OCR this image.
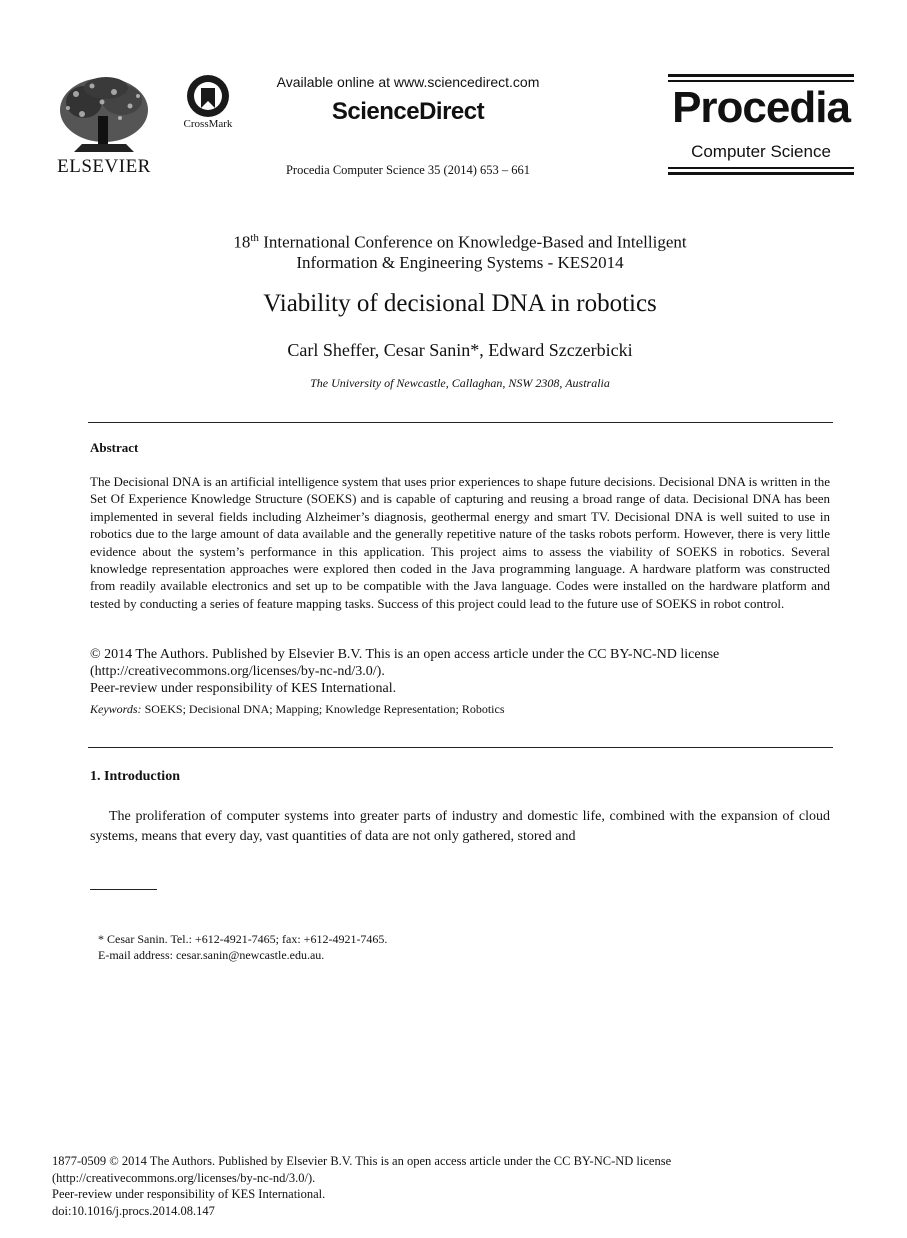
ELSEVIER
CrossMark
Available online at www.sciencedirect.com
ScienceDirect
Procedia Computer Science 35 (2014) 653 – 661
Procedia
Computer Science
18th International Conference on Knowledge-Based and Intelligent
Information & Engineering Systems - KES2014
Viability of decisional DNA in robotics
Carl Sheffer, Cesar Sanin*, Edward Szczerbicki
The University of Newcastle, Callaghan, NSW 2308, Australia
Abstract
The Decisional DNA is an artificial intelligence system that uses prior experiences to shape future decisions. Decisional DNA is written in the Set Of Experience Knowledge Structure (SOEKS) and is capable of capturing and reusing a broad range of data. Decisional DNA has been implemented in several fields including Alzheimer’s diagnosis, geothermal energy and smart TV. Decisional DNA is well suited to use in robotics due to the large amount of data available and the generally repetitive nature of the tasks robots perform. However, there is very little evidence about the system’s performance in this application. This project aims to assess the viability of SOEKS in robotics. Several knowledge representation approaches were explored then coded in the Java programming language. A hardware platform was constructed from readily available electronics and set up to be compatible with the Java language. Codes were installed on the hardware platform and tested by conducting a series of feature mapping tasks. Success of this project could lead to the future use of SOEKS in robot control.
© 2014 The Authors. Published by Elsevier B.V. This is an open access article under the CC BY-NC-ND license
(http://creativecommons.org/licenses/by-nc-nd/3.0/).
Peer-review under responsibility of KES International.
Keywords: SOEKS; Decisional DNA; Mapping; Knowledge Representation; Robotics
1. Introduction
The proliferation of computer systems into greater parts of industry and domestic life, combined with the expansion of cloud systems, means that every day, vast quantities of data are not only gathered, stored and
* Cesar Sanin. Tel.: +612-4921-7465; fax: +612-4921-7465.
E-mail address: cesar.sanin@newcastle.edu.au.
1877-0509 © 2014 The Authors. Published by Elsevier B.V. This is an open access article under the CC BY-NC-ND license
(http://creativecommons.org/licenses/by-nc-nd/3.0/).
Peer-review under responsibility of KES International.
doi:10.1016/j.procs.2014.08.147
